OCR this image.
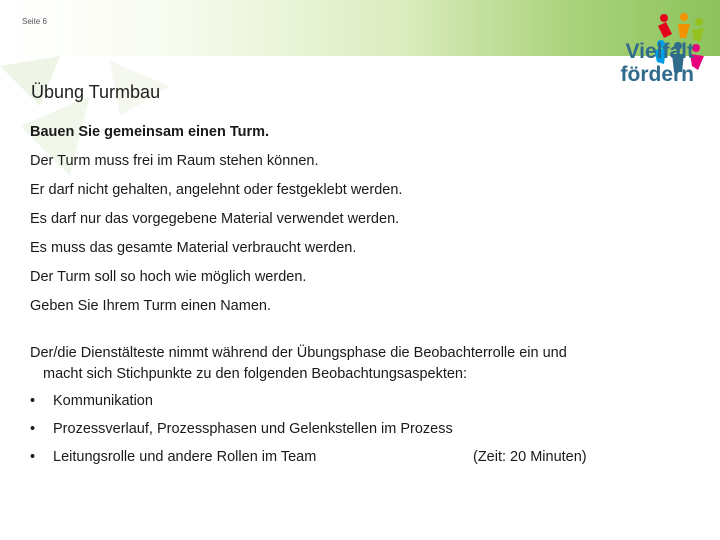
Seite 6
Vielfalt
fördern
Übung Turmbau
Bauen Sie gemeinsam einen Turm.
Der Turm muss frei im Raum stehen können.
Er darf nicht gehalten, angelehnt oder festgeklebt werden.
Es darf nur das vorgegebene Material verwendet werden.
Es muss das gesamte Material verbraucht werden.
Der Turm soll so hoch wie möglich werden.
Geben Sie Ihrem Turm einen Namen.
Der/die Dienstälteste nimmt während der Übungsphase die Beobachterrolle ein und
macht sich Stichpunkte zu den folgenden Beobachtungsaspekten:
• Kommunikation
• Prozessverlauf, Prozessphasen und Gelenkstellen im Prozess
• Leitungsrolle und andere Rollen im Team	(Zeit: 20 Minuten)
